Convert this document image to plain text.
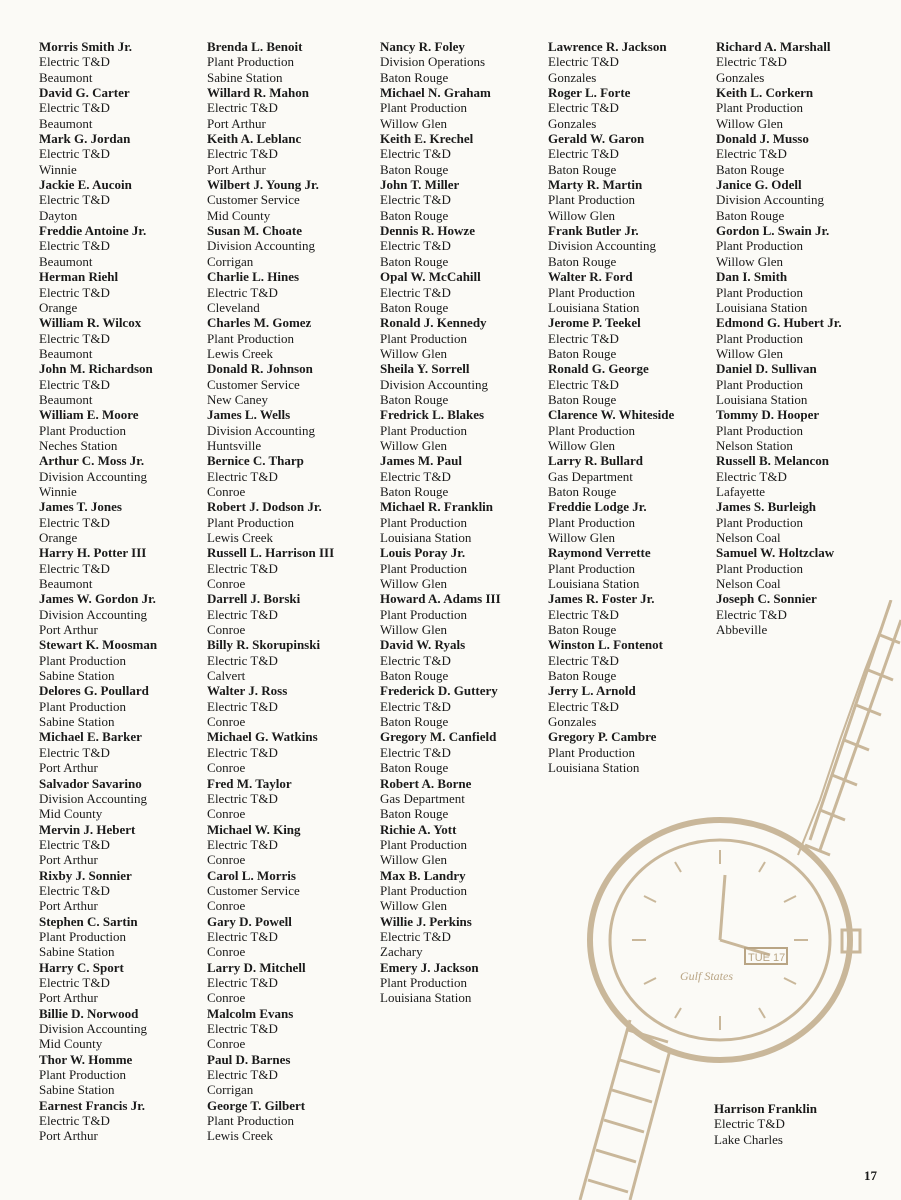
Morris Smith Jr.
Electric T&D
Beaumont
David G. Carter
Electric T&D
Beaumont
Mark G. Jordan
Electric T&D
Winnie
Jackie E. Aucoin
Electric T&D
Dayton
Freddie Antoine Jr.
Electric T&D
Beaumont
Herman Riehl
Electric T&D
Orange
William R. Wilcox
Electric T&D
Beaumont
John M. Richardson
Electric T&D
Beaumont
William E. Moore
Plant Production
Neches Station
Arthur C. Moss Jr.
Division Accounting
Winnie
James T. Jones
Electric T&D
Orange
Harry H. Potter III
Electric T&D
Beaumont
James W. Gordon Jr.
Division Accounting
Port Arthur
Stewart K. Moosman
Plant Production
Sabine Station
Delores G. Poullard
Plant Production
Sabine Station
Michael E. Barker
Electric T&D
Port Arthur
Salvador Savarino
Division Accounting
Mid County
Mervin J. Hebert
Electric T&D
Port Arthur
Rixby J. Sonnier
Electric T&D
Port Arthur
Stephen C. Sartin
Plant Production
Sabine Station
Harry C. Sport
Electric T&D
Port Arthur
Billie D. Norwood
Division Accounting
Mid County
Thor W. Homme
Plant Production
Sabine Station
Earnest Francis Jr.
Electric T&D
Port Arthur
Brenda L. Benoit
Plant Production
Sabine Station
Willard R. Mahon
Electric T&D
Port Arthur
Keith A. Leblanc
Electric T&D
Port Arthur
Wilbert J. Young Jr.
Customer Service
Mid County
Susan M. Choate
Division Accounting
Corrigan
Charlie L. Hines
Electric T&D
Cleveland
Charles M. Gomez
Plant Production
Lewis Creek
Donald R. Johnson
Customer Service
New Caney
James L. Wells
Division Accounting
Huntsville
Bernice C. Tharp
Electric T&D
Conroe
Robert J. Dodson Jr.
Plant Production
Lewis Creek
Russell L. Harrison III
Electric T&D
Conroe
Darrell J. Borski
Electric T&D
Conroe
Billy R. Skorupinski
Electric T&D
Calvert
Walter J. Ross
Electric T&D
Conroe
Michael G. Watkins
Electric T&D
Conroe
Fred M. Taylor
Electric T&D
Conroe
Michael W. King
Electric T&D
Conroe
Carol L. Morris
Customer Service
Conroe
Gary D. Powell
Electric T&D
Conroe
Larry D. Mitchell
Electric T&D
Conroe
Malcolm Evans
Electric T&D
Conroe
Paul D. Barnes
Electric T&D
Corrigan
George T. Gilbert
Plant Production
Lewis Creek
Nancy R. Foley
Division Operations
Baton Rouge
Michael N. Graham
Plant Production
Willow Glen
Keith E. Krechel
Electric T&D
Baton Rouge
John T. Miller
Electric T&D
Baton Rouge
Dennis R. Howze
Electric T&D
Baton Rouge
Opal W. McCahill
Electric T&D
Baton Rouge
Ronald J. Kennedy
Plant Production
Willow Glen
Sheila Y. Sorrell
Division Accounting
Baton Rouge
Fredrick L. Blakes
Plant Production
Willow Glen
James M. Paul
Electric T&D
Baton Rouge
Michael R. Franklin
Plant Production
Louisiana Station
Louis Poray Jr.
Plant Production
Willow Glen
Howard A. Adams III
Plant Production
Willow Glen
David W. Ryals
Electric T&D
Baton Rouge
Frederick D. Guttery
Electric T&D
Baton Rouge
Gregory M. Canfield
Electric T&D
Baton Rouge
Robert A. Borne
Gas Department
Baton Rouge
Richie A. Yott
Plant Production
Willow Glen
Max B. Landry
Plant Production
Willow Glen
Willie J. Perkins
Electric T&D
Zachary
Emery J. Jackson
Plant Production
Louisiana Station
Lawrence R. Jackson
Electric T&D
Gonzales
Roger L. Forte
Electric T&D
Gonzales
Gerald W. Garon
Electric T&D
Baton Rouge
Marty R. Martin
Plant Production
Willow Glen
Frank Butler Jr.
Division Accounting
Baton Rouge
Walter R. Ford
Plant Production
Louisiana Station
Jerome P. Teekel
Electric T&D
Baton Rouge
Ronald G. George
Electric T&D
Baton Rouge
Clarence W. Whiteside
Plant Production
Willow Glen
Larry R. Bullard
Gas Department
Baton Rouge
Freddie Lodge Jr.
Plant Production
Willow Glen
Raymond Verrette
Plant Production
Louisiana Station
James R. Foster Jr.
Electric T&D
Baton Rouge
Winston L. Fontenot
Electric T&D
Baton Rouge
Jerry L. Arnold
Electric T&D
Gonzales
Gregory P. Cambre
Plant Production
Louisiana Station
Richard A. Marshall
Electric T&D
Gonzales
Keith L. Corkern
Plant Production
Willow Glen
Donald J. Musso
Electric T&D
Baton Rouge
Janice G. Odell
Division Accounting
Baton Rouge
Gordon L. Swain Jr.
Plant Production
Willow Glen
Dan I. Smith
Plant Production
Louisiana Station
Edmond G. Hubert Jr.
Plant Production
Willow Glen
Daniel D. Sullivan
Plant Production
Louisiana Station
Tommy D. Hooper
Plant Production
Nelson Station
Russell B. Melancon
Electric T&D
Lafayette
James S. Burleigh
Plant Production
Nelson Coal
Samuel W. Holtzclaw
Plant Production
Nelson Coal
Joseph C. Sonnier
Electric T&D
Abbeville
TUE 17
Gulf States
Harrison Franklin
Electric T&D
Lake Charles
17
